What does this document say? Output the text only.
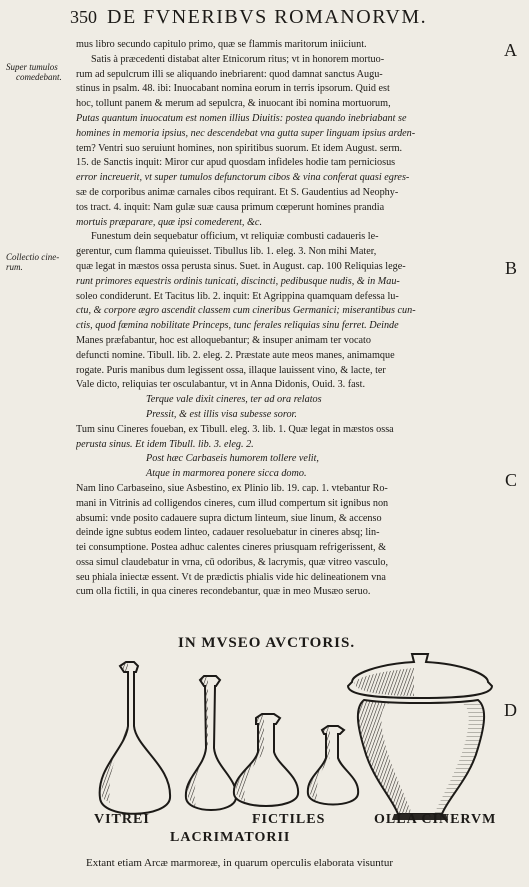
350 DE FVNERIBVS ROMANORVM.
Super tumulos
comedebant.
Collectio cine-
rum.
A
B
C
D
mus libro secundo capitulo primo, quæ se flammis maritorum iniiciunt.
Satis à præcedenti distabat alter Etnicorum ritus; vt in honorem mortuo-
rum ad sepulcrum illi se aliquando inebriarent: quod damnat sanctus Augu-
stinus in psalm. 48. ibi: Inuocabant nomina eorum in terris ipsorum. Quid est
hoc, tollunt panem & merum ad sepulcra, & inuocant ibi nomina mortuorum,
Putas quantum inuocatum est nomen illius Diuitis: postea quando inebriabant se
homines in memoria ipsius, nec descendebat vna gutta super linguam ipsius arden-
tem? Ventri suo seruiunt homines, non spiritibus suorum. Et idem August. serm.
15. de Sanctis inquit: Miror cur apud quosdam infideles hodie tam perniciosus
error increuerit, vt super tumulos defunctorum cibos & vina conferat quasi egres-
sæ de corporibus animæ carnales cibos requirant. Et S. Gaudentius ad Neophy-
tos tract. 4. inquit: Nam gulæ suæ causa primum cœperunt homines prandia
mortuis præparare, quæ ipsi comederent, &c.
Funestum dein sequebatur officium, vt reliquiæ combusti cadaueris le-
gerentur, cum flamma quieuisset. Tibullus lib. 1. eleg. 3. Non mihi Mater,
quæ legat in mæstos ossa perusta sinus. Suet. in August. cap. 100 Reliquias lege-
runt primores equestris ordinis tunicati, discincti, pedibusque nudis, & in Mau-
soleo condiderunt. Et Tacitus lib. 2. inquit: Et Agrippina quamquam defessa lu-
ctu, & corpore ægro ascendit classem cum cineribus Germanici; miserantibus cun-
ctis, quod fœmina nobilitate Princeps, tunc ferales reliquias sinu ferret. Deinde
Manes præfabantur, hoc est alloquebantur; & insuper animam ter vocato
defuncti nomine. Tibull. lib. 2. eleg. 2. Præstate aute meos manes, animamque
rogate. Puris manibus dum legissent ossa, illaque lauissent vino, & lacte, ter
Vale dicto, reliquias ter osculabantur, vt in Anna Didonis, Ouid. 3. fast.
Terque vale dixit cineres, ter ad ora relatos
Pressit, & est illis visa subesse soror.
Tum sinu Cineres foueban, ex Tibull. eleg. 3. lib. 1. Quæ legat in mæstos ossa
perusta sinus. Et idem Tibull. lib. 3. eleg. 2.
Post hæc Carbaseis humorem tollere velit,
Atque in marmorea ponere sicca domo.
Nam lino Carbaseino, siue Asbestino, ex Plinio lib. 19. cap. 1. vtebantur Ro-
mani in Vitrinis ad colligendos cineres, cum illud compertum sit ignibus non
absumi: vnde posito cadauere supra dictum linteum, siue linum, & accenso
deinde igne subtus eodem linteo, cadauer resoluebatur in cineres absq; lin-
tei consumptione. Postea adhuc calentes cineres priusquam refrigerissent, &
ossa simul claudebatur in vrna, cū odoribus, & lacrymis, quæ vitreo vasculo,
seu phiala iniectæ essent. Vt de prædictis phialis vide hic delineationem vna
cum olla fictili, in qua cineres recondebantur, quæ in meo Musæo seruo.
IN MVSEO AVCTORIS.
VITREI	FICTILES	OLLA CINERVM
LACRIMATORII
Extant etiam Arcæ marmoreæ, in quarum operculis elaborata visuntur
